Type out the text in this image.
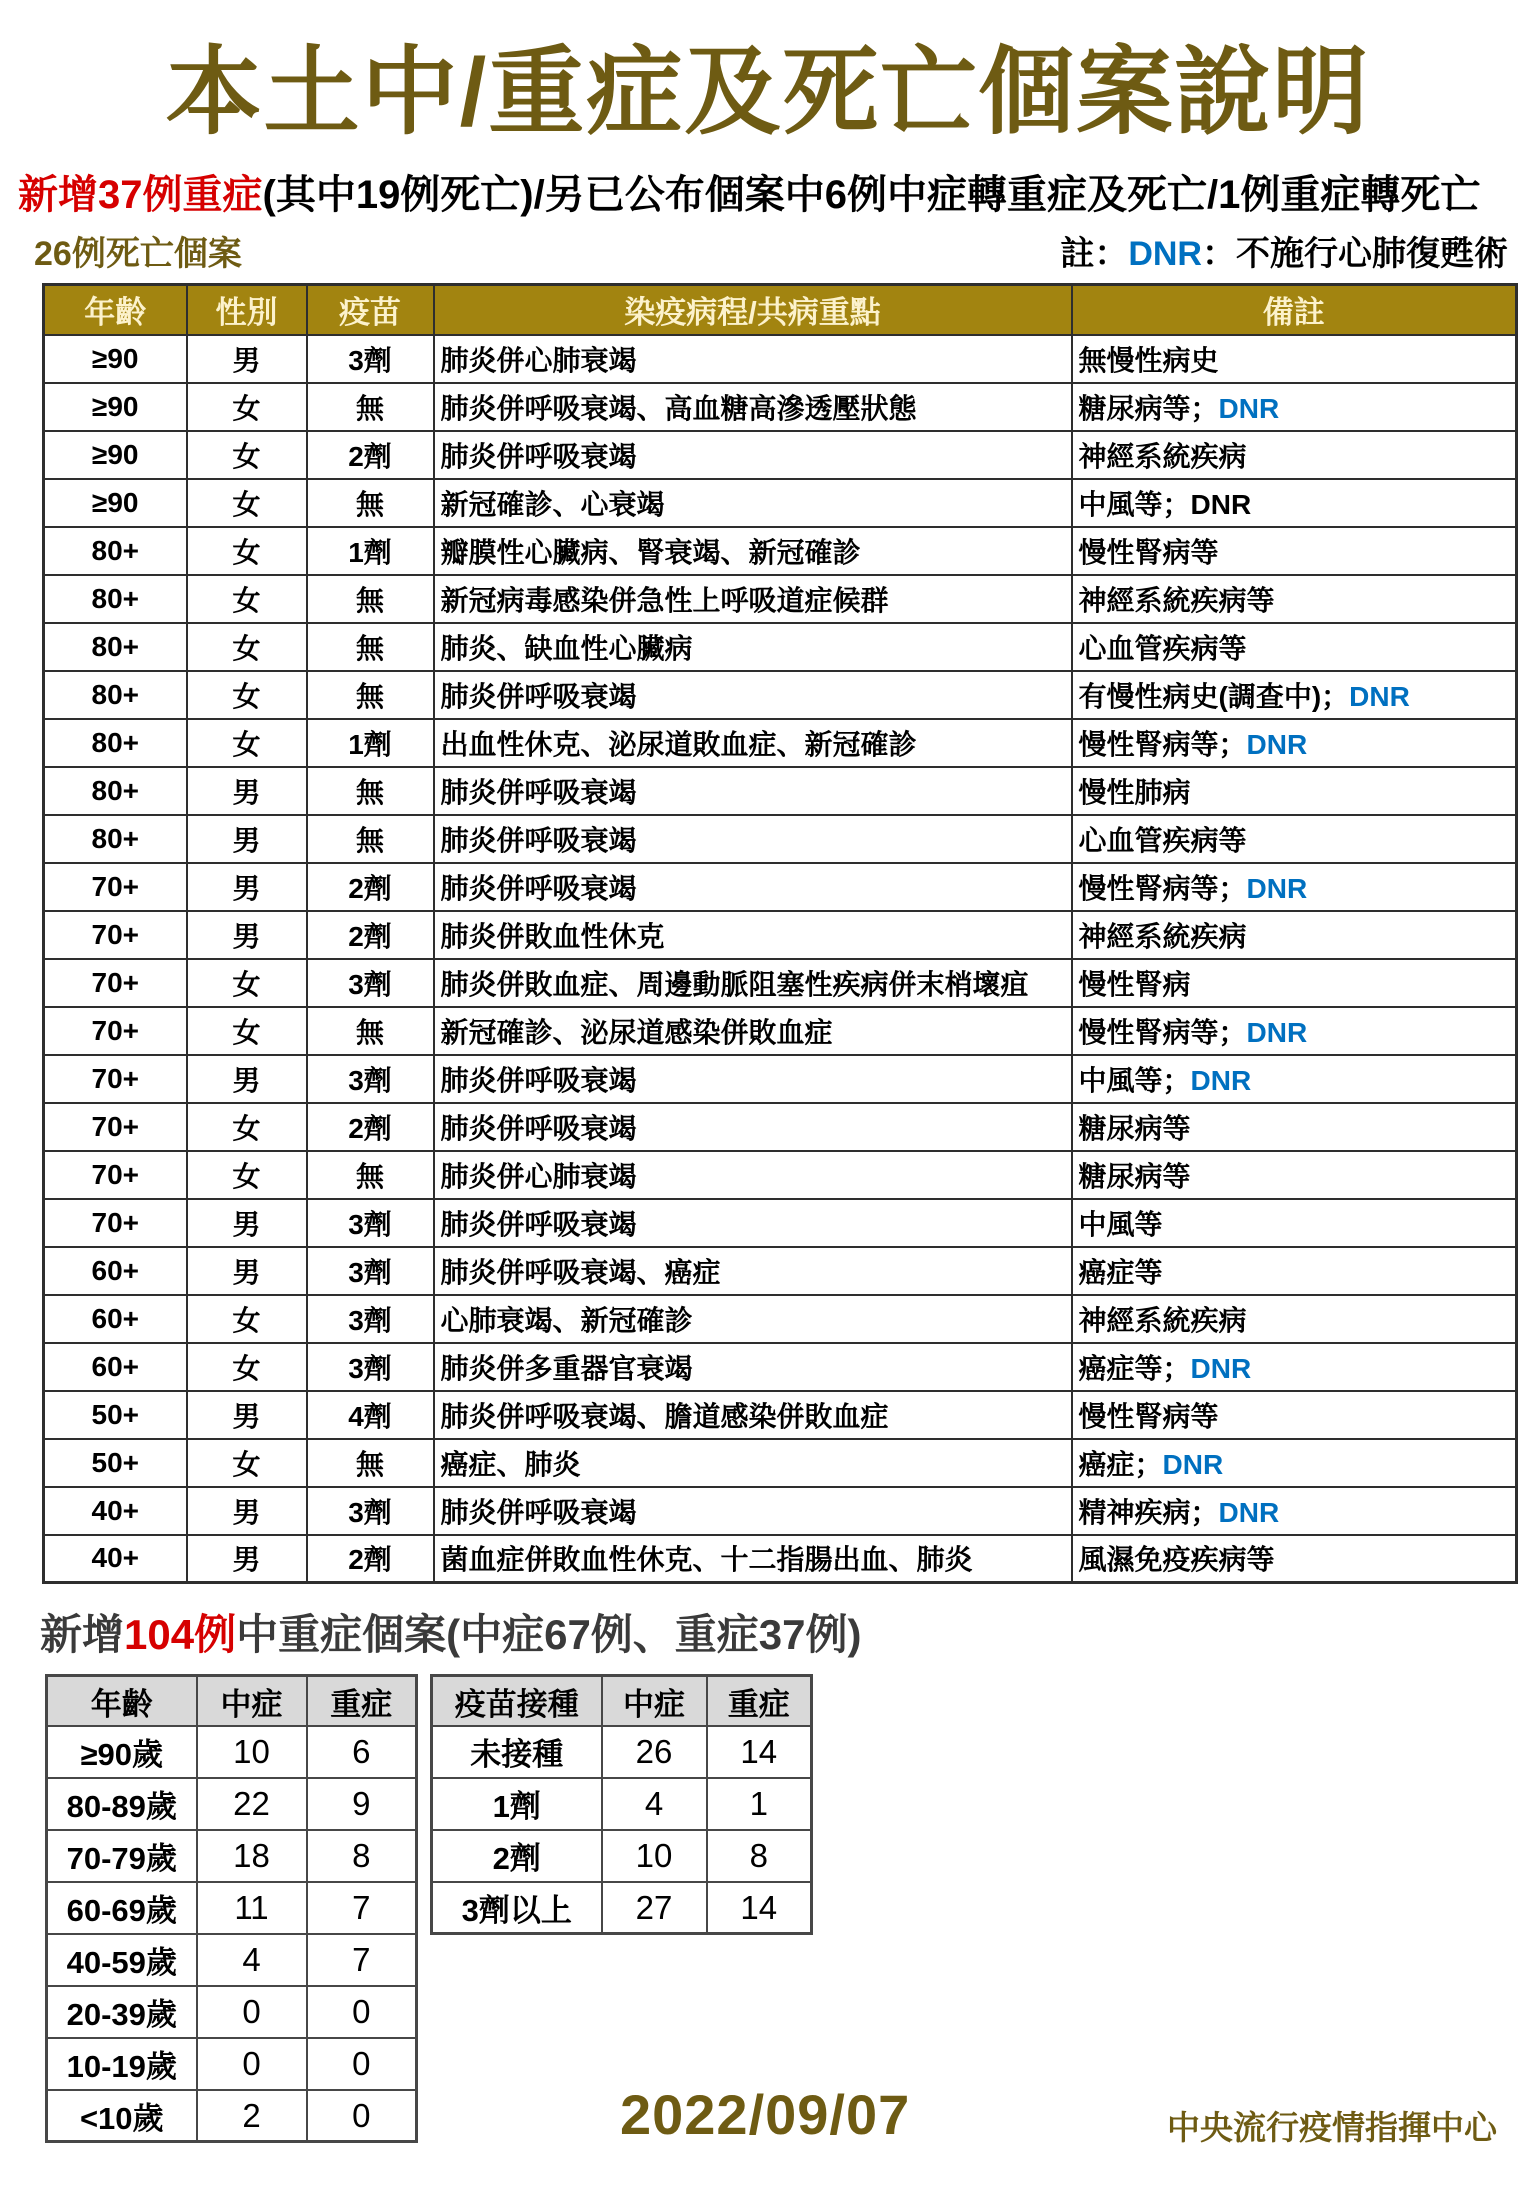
本土中/重症及死亡個案說明
新增37例重症(其中19例死亡)/另已公布個案中6例中症轉重症及死亡/1例重症轉死亡
26例死亡個案	註：DNR：不施行心肺復甦術
年齡	性別	疫苗	染疫病程/共病重點	備註
≥90	男	3劑	肺炎併心肺衰竭	無慢性病史
≥90	女	無	肺炎併呼吸衰竭、高血糖高滲透壓狀態	糖尿病等；DNR
≥90	女	2劑	肺炎併呼吸衰竭	神經系統疾病
≥90	女	無	新冠確診、心衰竭	中風等；DNR
80+	女	1劑	瓣膜性心臟病、腎衰竭、新冠確診	慢性腎病等
80+	女	無	新冠病毒感染併急性上呼吸道症候群	神經系統疾病等
80+	女	無	肺炎、缺血性心臟病	心血管疾病等
80+	女	無	肺炎併呼吸衰竭	有慢性病史(調查中)；DNR
80+	女	1劑	出血性休克、泌尿道敗血症、新冠確診	慢性腎病等；DNR
80+	男	無	肺炎併呼吸衰竭	慢性肺病
80+	男	無	肺炎併呼吸衰竭	心血管疾病等
70+	男	2劑	肺炎併呼吸衰竭	慢性腎病等；DNR
70+	男	2劑	肺炎併敗血性休克	神經系統疾病
70+	女	3劑	肺炎併敗血症、周邊動脈阻塞性疾病併末梢壞疽	慢性腎病
70+	女	無	新冠確診、泌尿道感染併敗血症	慢性腎病等；DNR
70+	男	3劑	肺炎併呼吸衰竭	中風等；DNR
70+	女	2劑	肺炎併呼吸衰竭	糖尿病等
70+	女	無	肺炎併心肺衰竭	糖尿病等
70+	男	3劑	肺炎併呼吸衰竭	中風等
60+	男	3劑	肺炎併呼吸衰竭、癌症	癌症等
60+	女	3劑	心肺衰竭、新冠確診	神經系統疾病
60+	女	3劑	肺炎併多重器官衰竭	癌症等；DNR
50+	男	4劑	肺炎併呼吸衰竭、膽道感染併敗血症	慢性腎病等
50+	女	無	癌症、肺炎	癌症；DNR
40+	男	3劑	肺炎併呼吸衰竭	精神疾病；DNR
40+	男	2劑	菌血症併敗血性休克、十二指腸出血、肺炎	風濕免疫疾病等
新增104例中重症個案(中症67例、重症37例)
年齡	中症	重症
≥90歲	10	6
80-89歲	22	9
70-79歲	18	8
60-69歲	11	7
40-59歲	4	7
20-39歲	0	0
10-19歲	0	0
<10歲	2	0
疫苗接種	中症	重症
未接種	26	14
1劑	4	1
2劑	10	8
3劑以上	27	14
2022/09/07	中央流行疫情指揮中心
